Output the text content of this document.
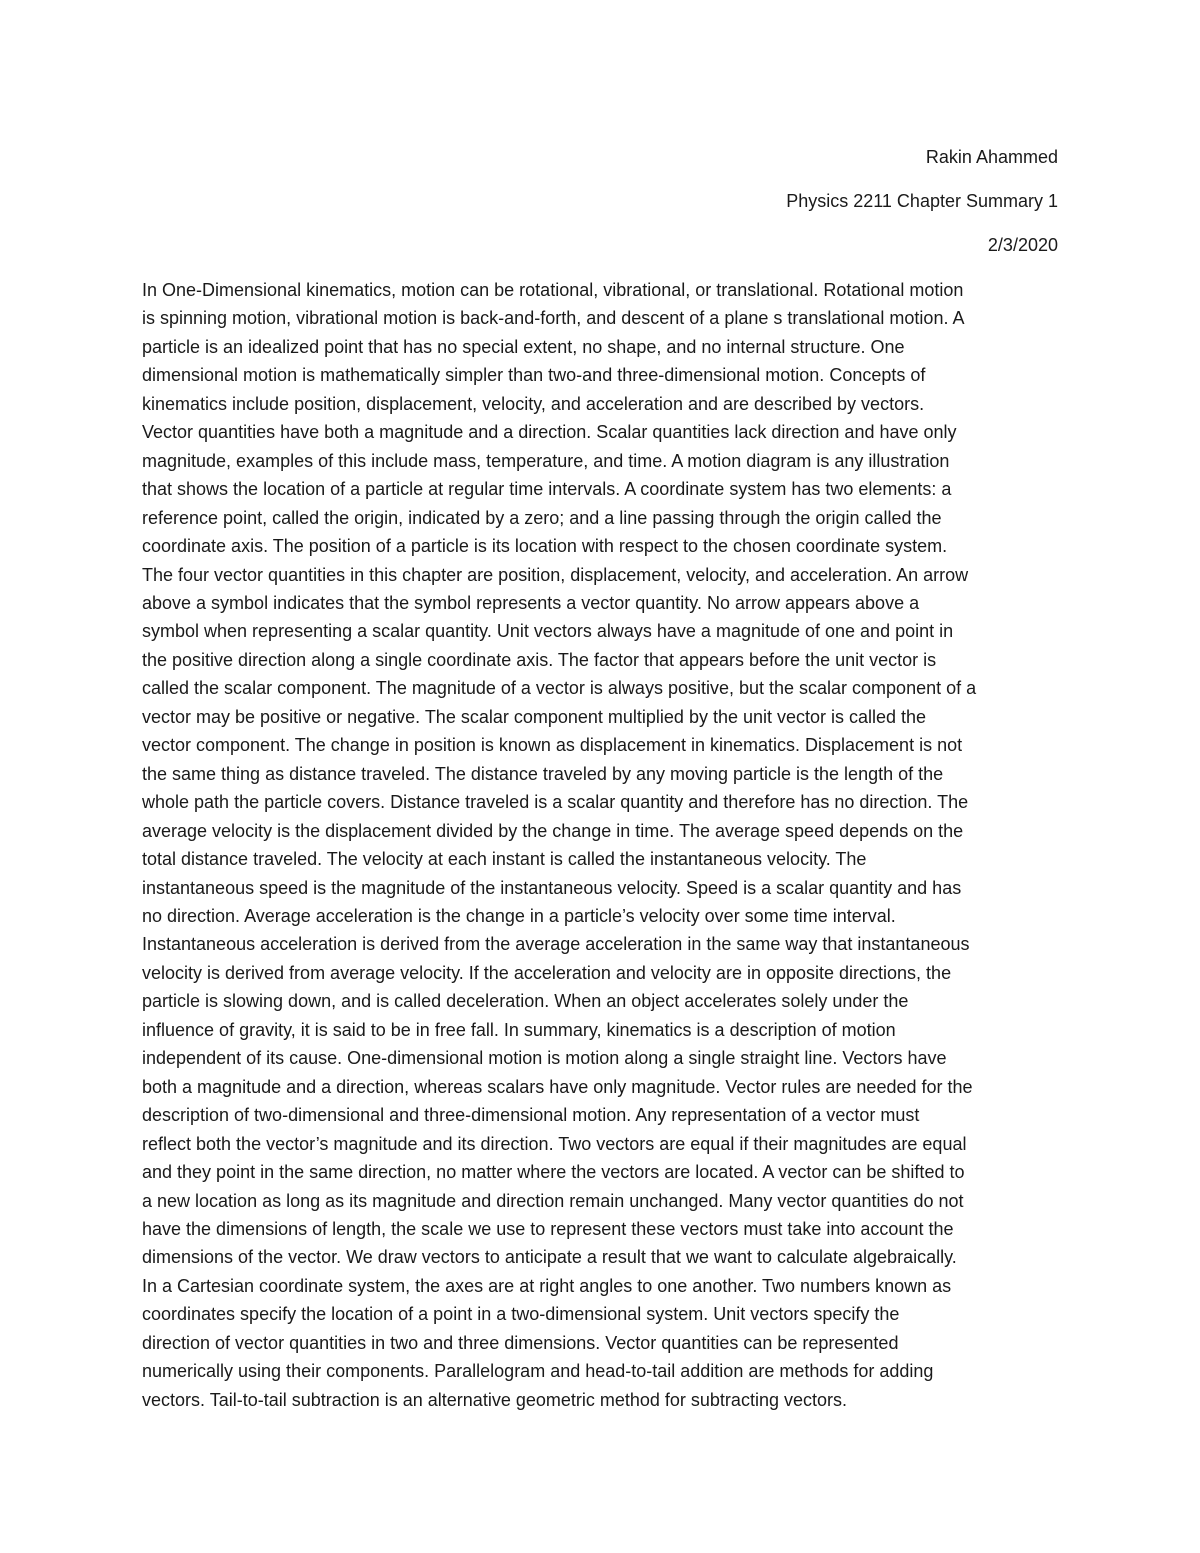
Rakin Ahammed
Physics 2211 Chapter Summary 1
2/3/2020
In One-Dimensional kinematics, motion can be rotational, vibrational, or translational. Rotational motion
is spinning motion, vibrational motion is back-and-forth, and descent of a plane s translational motion. A
particle is an idealized point that has no special extent, no shape, and no internal structure. One
dimensional motion is mathematically simpler than two-and three-dimensional motion. Concepts of
kinematics include position, displacement, velocity, and acceleration and are described by vectors.
Vector quantities have both a magnitude and a direction. Scalar quantities lack direction and have only
magnitude, examples of this include mass, temperature, and time. A motion diagram is any illustration
that shows the location of a particle at regular time intervals. A coordinate system has two elements: a
reference point, called the origin, indicated by a zero; and a line passing through the origin called the
coordinate axis. The position of a particle is its location with respect to the chosen coordinate system.
The four vector quantities in this chapter are position, displacement, velocity, and acceleration. An arrow
above a symbol indicates that the symbol represents a vector quantity. No arrow appears above a
symbol when representing a scalar quantity. Unit vectors always have a magnitude of one and point in
the positive direction along a single coordinate axis. The factor that appears before the unit vector is
called the scalar component. The magnitude of a vector is always positive, but the scalar component of a
vector may be positive or negative. The scalar component multiplied by the unit vector is called the
vector component. The change in position is known as displacement in kinematics. Displacement is not
the same thing as distance traveled. The distance traveled by any moving particle is the length of the
whole path the particle covers. Distance traveled is a scalar quantity and therefore has no direction. The
average velocity is the displacement divided by the change in time. The average speed depends on the
total distance traveled. The velocity at each instant is called the instantaneous velocity. The
instantaneous speed is the magnitude of the instantaneous velocity. Speed is a scalar quantity and has
no direction. Average acceleration is the change in a particle’s velocity over some time interval.
Instantaneous acceleration is derived from the average acceleration in the same way that instantaneous
velocity is derived from average velocity. If the acceleration and velocity are in opposite directions, the
particle is slowing down, and is called deceleration. When an object accelerates solely under the
influence of gravity, it is said to be in free fall. In summary, kinematics is a description of motion
independent of its cause. One-dimensional motion is motion along a single straight line. Vectors have
both a magnitude and a direction, whereas scalars have only magnitude. Vector rules are needed for the
description of two-dimensional and three-dimensional motion. Any representation of a vector must
reflect both the vector’s magnitude and its direction. Two vectors are equal if their magnitudes are equal
and they point in the same direction, no matter where the vectors are located. A vector can be shifted to
a new location as long as its magnitude and direction remain unchanged. Many vector quantities do not
have the dimensions of length, the scale we use to represent these vectors must take into account the
dimensions of the vector. We draw vectors to anticipate a result that we want to calculate algebraically.
In a Cartesian coordinate system, the axes are at right angles to one another. Two numbers known as
coordinates specify the location of a point in a two-dimensional system. Unit vectors specify the
direction of vector quantities in two and three dimensions. Vector quantities can be represented
numerically using their components. Parallelogram and head-to-tail addition are methods for adding
vectors. Tail-to-tail subtraction is an alternative geometric method for subtracting vectors.
